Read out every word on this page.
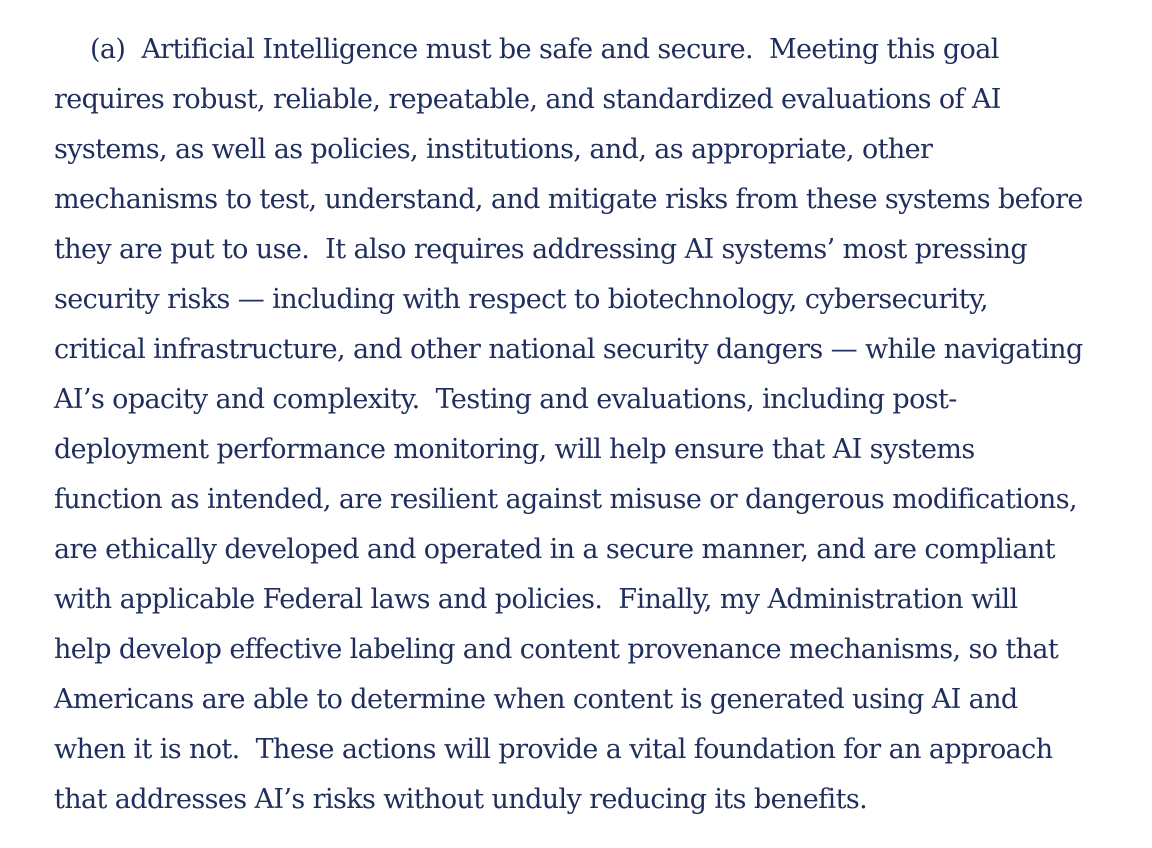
(a)  Artificial Intelligence must be safe and secure.  Meeting this goal
requires robust, reliable, repeatable, and standardized evaluations of AI
systems, as well as policies, institutions, and, as appropriate, other
mechanisms to test, understand, and mitigate risks from these systems before
they are put to use.  It also requires addressing AI systems’ most pressing
security risks — including with respect to biotechnology, cybersecurity,
critical infrastructure, and other national security dangers — while navigating
AI’s opacity and complexity.  Testing and evaluations, including post-
deployment performance monitoring, will help ensure that AI systems
function as intended, are resilient against misuse or dangerous modifications,
are ethically developed and operated in a secure manner, and are compliant
with applicable Federal laws and policies.  Finally, my Administration will
help develop effective labeling and content provenance mechanisms, so that
Americans are able to determine when content is generated using AI and
when it is not.  These actions will provide a vital foundation for an approach
that addresses AI’s risks without unduly reducing its benefits.
